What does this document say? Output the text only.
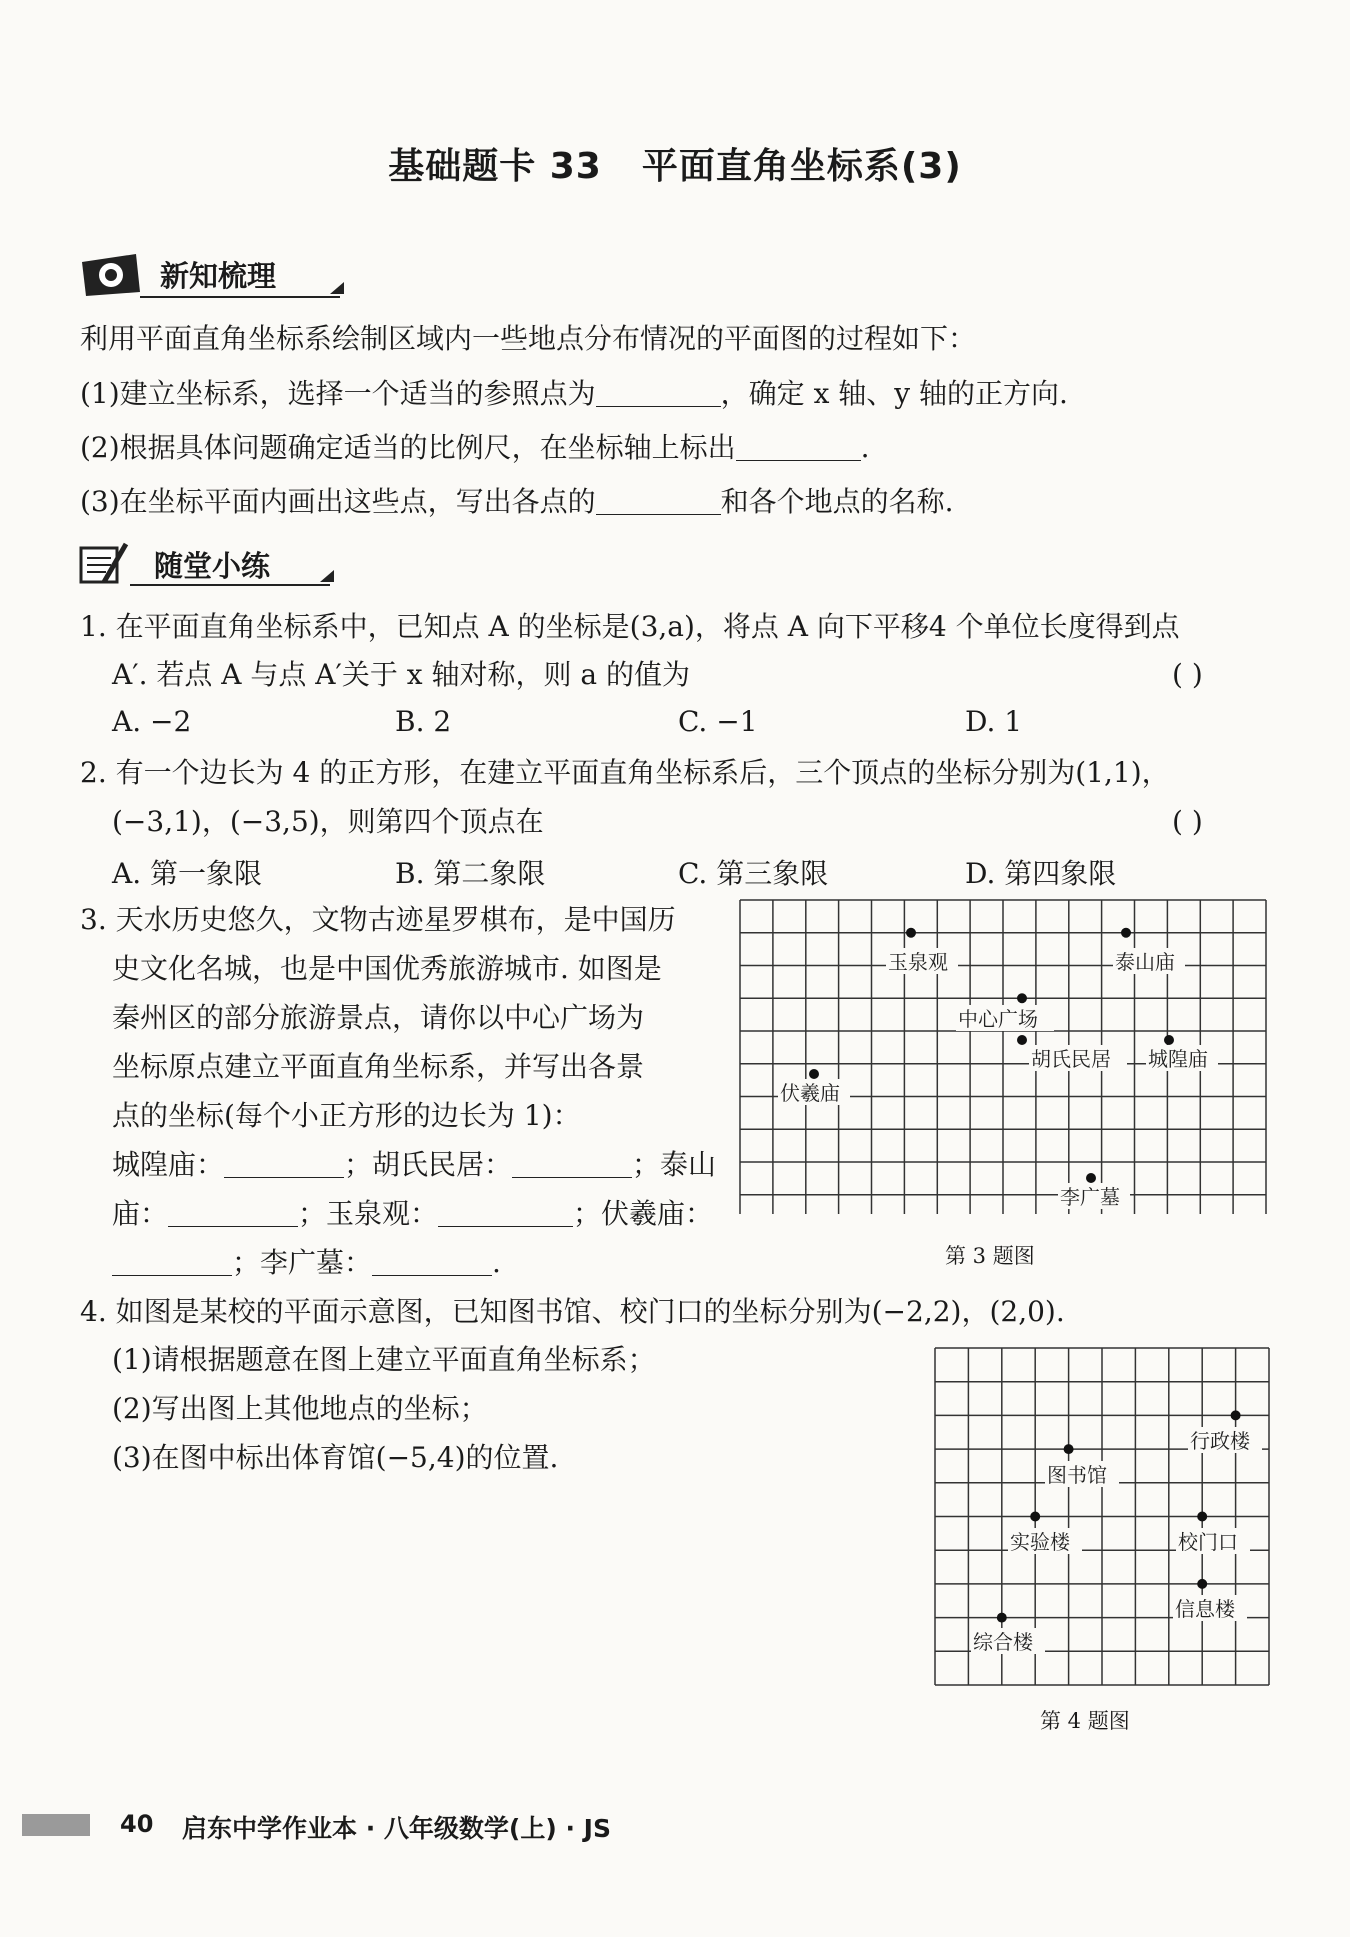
基础题卡 33 平面直角坐标系(3)
新知梳理
利用平面直角坐标系绘制区域内一些地点分布情况的平面图的过程如下：
(1)建立坐标系，选择一个适当的参照点为	，确定 x 轴、y 轴的正方向.
(2)根据具体问题确定适当的比例尺，在坐标轴上标出	.
(3)在坐标平面内画出这些点，写出各点的	和各个地点的名称.
随堂小练
1. 在平面直角坐标系中，已知点 A 的坐标是(3,a)，将点 A 向下平移4 个单位长度得到点
A′. 若点 A 与点 A′关于 x 轴对称，则 a 的值为	( )
A. −2	B. 2	C. −1	D. 1
2. 有一个边长为 4 的正方形，在建立平面直角坐标系后，三个顶点的坐标分别为(1,1)，
(−3,1)，(−3,5)，则第四个顶点在	( )
A. 第一象限	B. 第二象限	C. 第三象限	D. 第四象限
3. 天水历史悠久，文物古迹星罗棋布，是中国历
史文化名城，也是中国优秀旅游城市. 如图是
秦州区的部分旅游景点，请你以中心广场为
坐标原点建立平面直角坐标系，并写出各景
点的坐标(每个小正方形的边长为 1)：
城隍庙：	；胡氏民居：	；泰山
庙：	；玉泉观：	；伏羲庙：
；李广墓：	.
玉泉观	泰山庙
中心广场
胡氏民居 城隍庙
伏羲庙
李广墓
第 3 题图
4. 如图是某校的平面示意图，已知图书馆、校门口的坐标分别为(−2,2)，(2,0).
(1)请根据题意在图上建立平面直角坐标系；
(2)写出图上其他地点的坐标；
(3)在图中标出体育馆(−5,4)的位置.	行政楼
图书馆
实验楼	校门口
信息楼
综合楼
第 4 题图
40 启东中学作业本 · 八年级数学(上) · JS
